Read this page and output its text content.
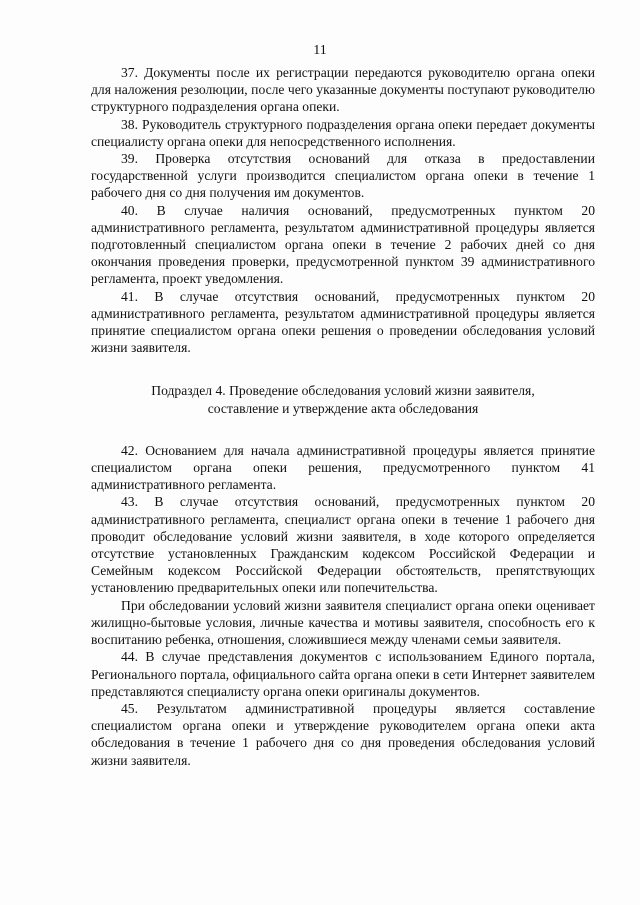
11

37. Документы после их регистрации передаются руководителю органа опеки для наложения резолюции, после чего указанные документы поступают руководителю структурного подразделения органа опеки.

38. Руководитель структурного подразделения органа опеки передает документы специалисту органа опеки для непосредственного исполнения.

39. Проверка отсутствия оснований для отказа в предоставлении государственной услуги производится специалистом органа опеки в течение 1 рабочего дня со дня получения им документов.

40. В случае наличия оснований, предусмотренных пунктом 20 административного регламента, результатом административной процедуры является подготовленный специалистом органа опеки в течение 2 рабочих дней со дня окончания проведения проверки, предусмотренной пунктом 39 административного регламента, проект уведомления.

41. В случае отсутствия оснований, предусмотренных пунктом 20 административного регламента, результатом административной процедуры является принятие специалистом органа опеки решения о проведении обследования условий жизни заявителя.

Подраздел 4. Проведение обследования условий жизни заявителя,
составление и утверждение акта обследования

42. Основанием для начала административной процедуры является принятие специалистом органа опеки решения, предусмотренного пунктом 41 административного регламента.

43. В случае отсутствия оснований, предусмотренных пунктом 20 административного регламента, специалист органа опеки в течение 1 рабочего дня проводит обследование условий жизни заявителя, в ходе которого определяется отсутствие установленных Гражданским кодексом Российской Федерации и Семейным кодексом Российской Федерации обстоятельств, препятствующих установлению предварительных опеки или попечительства.

При обследовании условий жизни заявителя специалист органа опеки оценивает жилищно-бытовые условия, личные качества и мотивы заявителя, способность его к воспитанию ребенка, отношения, сложившиеся между членами семьи заявителя.

44. В случае представления документов с использованием Единого портала, Регионального портала, официального сайта органа опеки в сети Интернет заявителем представляются специалисту органа опеки оригиналы документов.

45. Результатом административной процедуры является составление специалистом органа опеки и утверждение руководителем органа опеки акта обследования в течение 1 рабочего дня со дня проведения обследования условий жизни заявителя.
